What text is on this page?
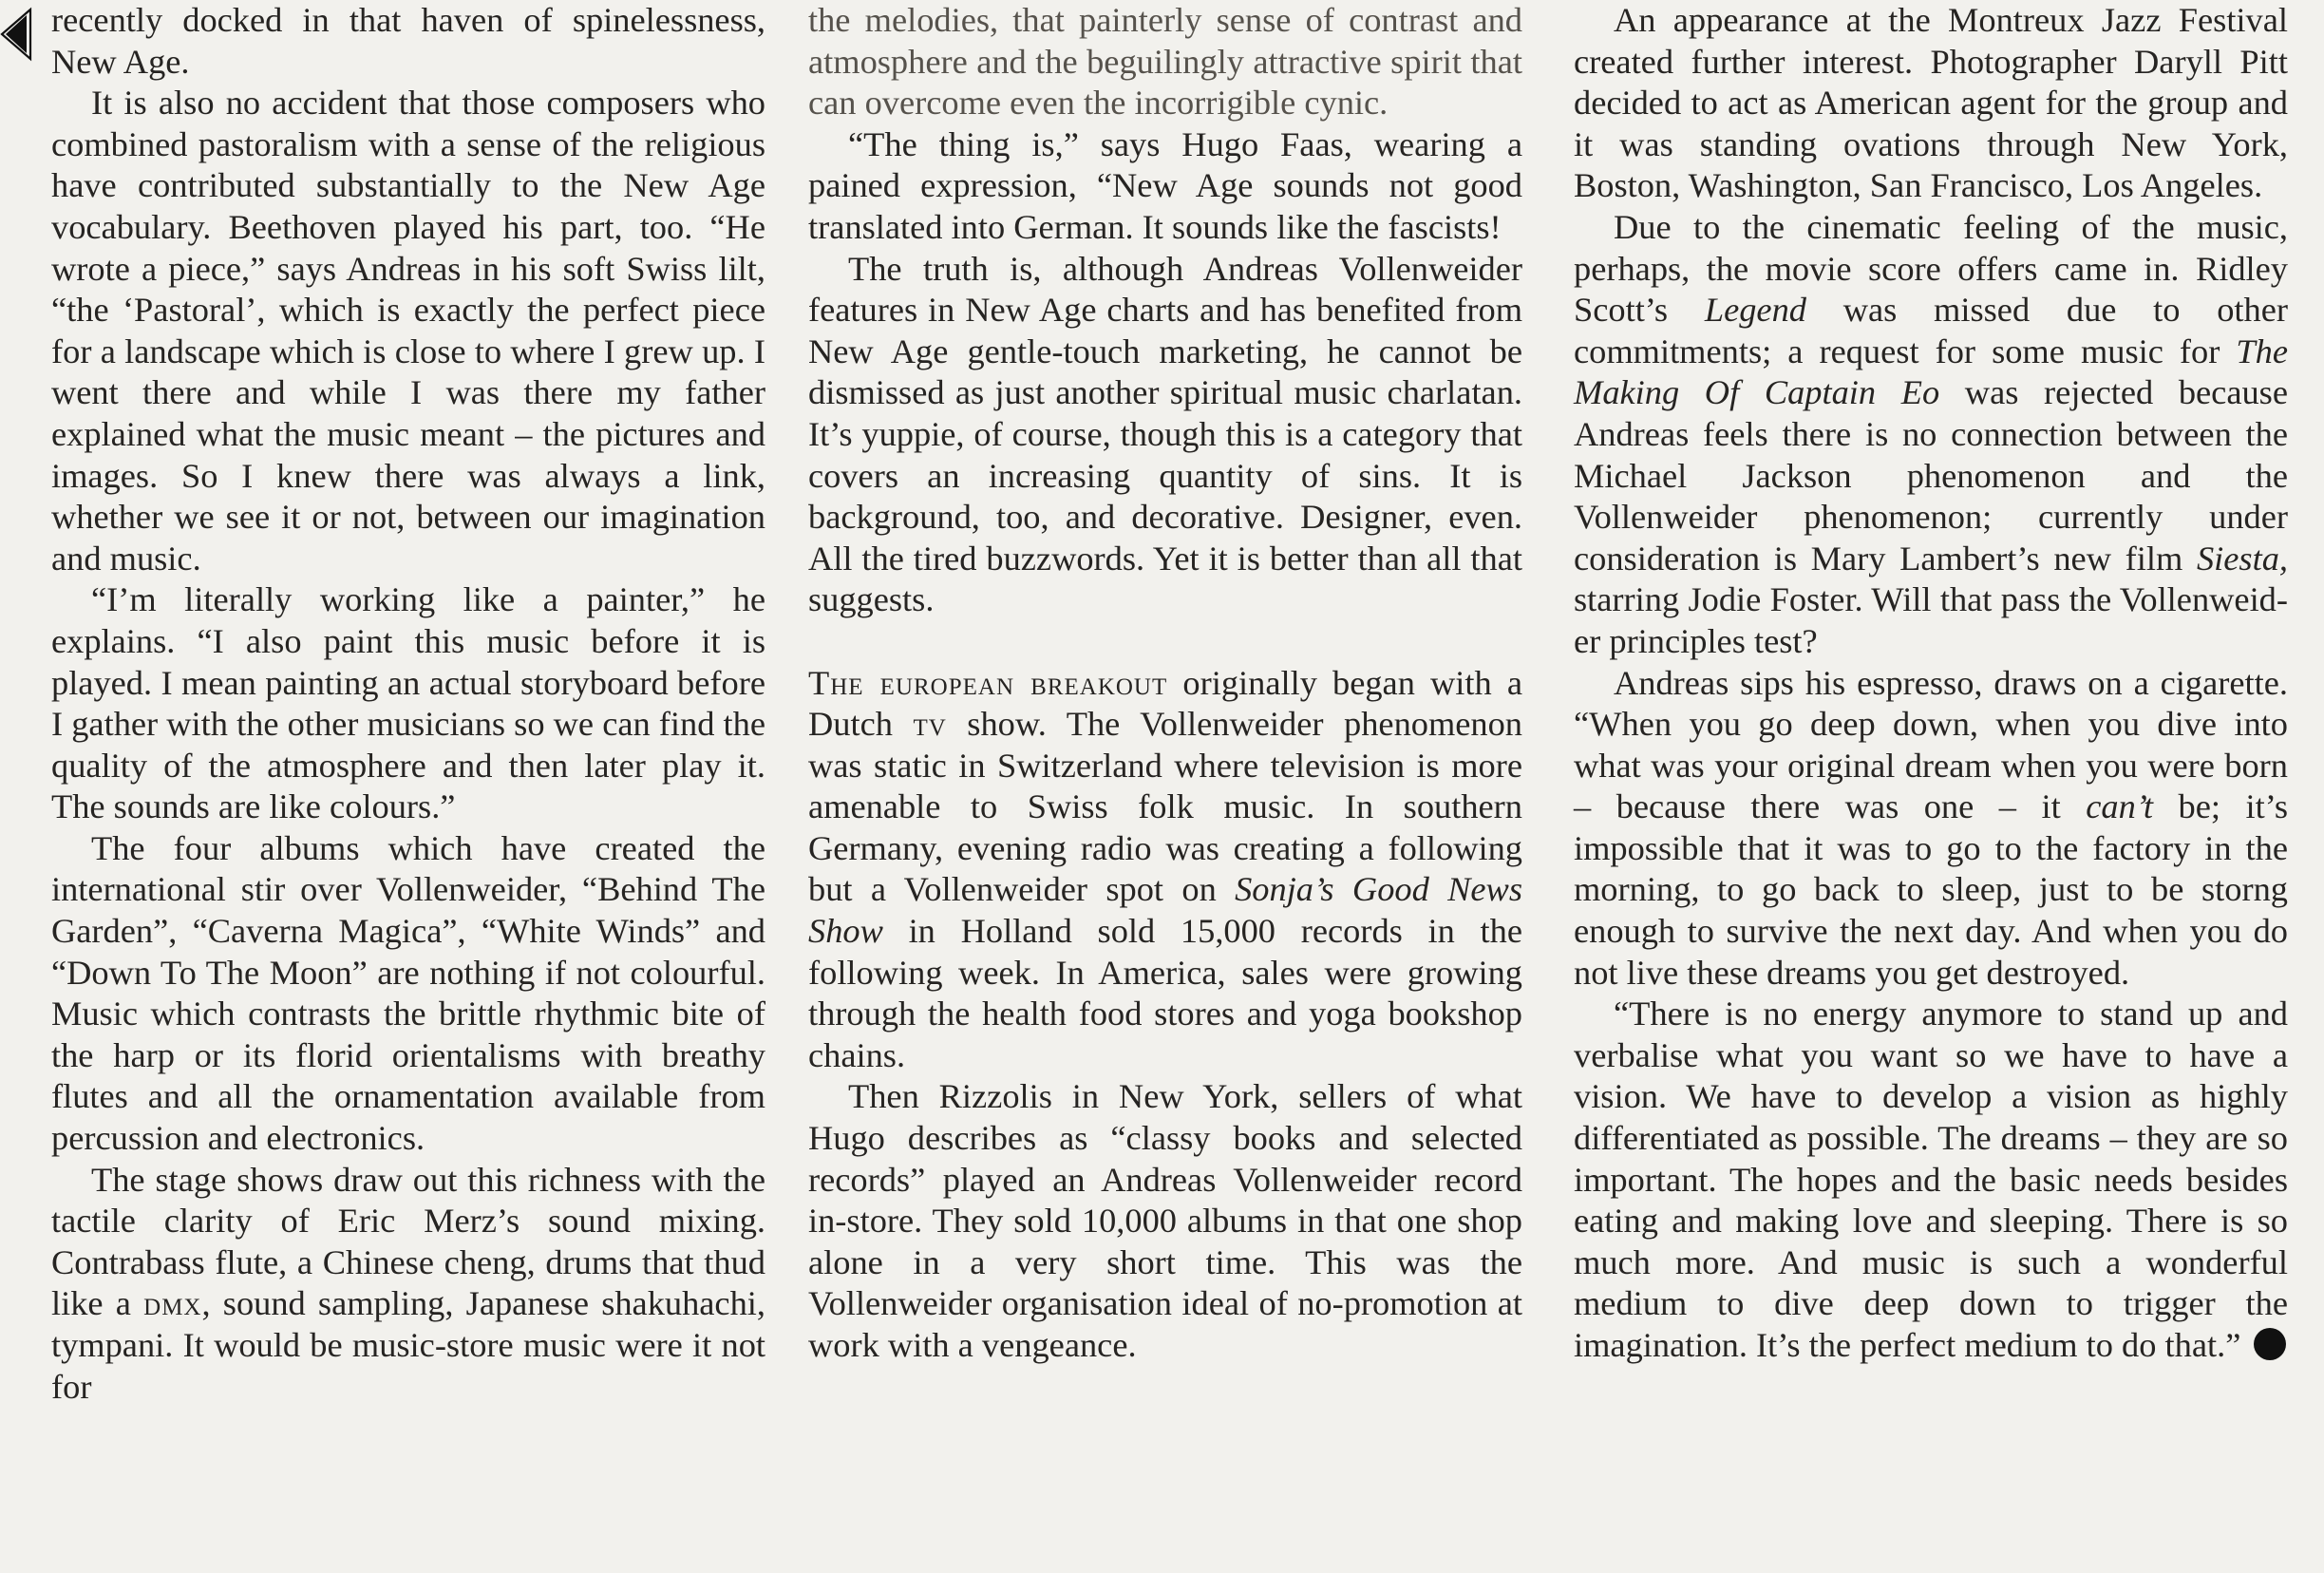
recently docked in that haven of spinelessness, New Age.

It is also no accident that those composers who combined pastoralism with a sense of the religious have contributed substantially to the New Age vocabulary. Beethoven played his part, too. “He wrote a piece,” says Andreas in his soft Swiss lilt, “the ‘Pastoral’, which is exactly the perfect piece for a landscape which is close to where I grew up. I went there and while I was there my father explained what the music meant – the pictures and images. So I knew there was always a link, whether we see it or not, between our imagination and music.

“I’m literally working like a painter,” he explains. “I also paint this music before it is played. I mean painting an actual storyboard before I gather with the other musicians so we can find the quality of the atmosphere and then later play it. The sounds are like colours.”

The four albums which have created the international stir over Vollenweider, “Behind The Garden”, “Caverna Magica”, “White Winds” and “Down To The Moon” are nothing if not colourful. Music which contrasts the brittle rhythmic bite of the harp or its florid orientalisms with breathy flutes and all the ornamentation available from percussion and electronics.

The stage shows draw out this richness with the tactile clarity of Eric Merz’s sound mixing. Contrabass flute, a Chinese cheng, drums that thud like a dmx, sound sampling, Japanese shakuhachi, tympani. It would be music-store music were it not for

the melodies, that painterly sense of contrast and atmosphere and the beguilingly attractive spirit that can overcome even the incorrigible cynic.

“The thing is,” says Hugo Faas, wearing a pained expression, “New Age sounds not good translated into German. It sounds like the fascists!

The truth is, although Andreas Vollenweider features in New Age charts and has benefited from New Age gentle-touch marketing, he cannot be dismissed as just another spiritual music charlatan. It’s yuppie, of course, though this is a category that covers an increasing quantity of sins. It is background, too, and decorative. Designer, even. All the tired buzzwords. Yet it is better than all that suggests.

The european breakout originally began with a Dutch tv show. The Vollenweider phenomenon was static in Switzerland where television is more amenable to Swiss folk music. In southern Germany, evening radio was creating a following but a Vollenweider spot on Sonja’s Good News Show in Holland sold 15,000 records in the following week. In America, sales were growing through the health food stores and yoga bookshop chains.

Then Rizzolis in New York, sellers of what Hugo describes as “classy books and selected records” played an Andreas Vollenweider record in-store. They sold 10,000 albums in that one shop alone in a very short time. This was the Vollenweider organisation ideal of no-promotion at work with a vengeance.

An appearance at the Montreux Jazz Festival created further interest. Photographer Daryll Pitt decided to act as American agent for the group and it was standing ovations through New York, Boston, Washington, San Francisco, Los Angeles.

Due to the cinematic feeling of the music, perhaps, the movie score offers came in. Ridley Scott’s Legend was missed due to other commitments; a request for some music for The Making Of Captain Eo was rejected because Andreas feels there is no connection between the Michael Jackson phenomenon and the Vollenweider phenomenon; currently under consideration is Mary Lambert’s new film Siesta, starring Jodie Foster. Will that pass the Vollenweider principles test?

Andreas sips his espresso, draws on a cigarette. “When you go deep down, when you dive into what was your original dream when you were born – because there was one – it can’t be; it’s impossible that it was to go to the factory in the morning, to go back to sleep, just to be storng enough to survive the next day. And when you do not live these dreams you get destroyed.

“There is no energy anymore to stand up and verbalise what you want so we have to have a vision. We have to develop a vision as highly differentiated as possible. The dreams – they are so important. The hopes and the basic needs besides eating and making love and sleeping. There is so much more. And music is such a wonderful medium to dive deep down to trigger the imagination. It’s the perfect medium to do that.”
